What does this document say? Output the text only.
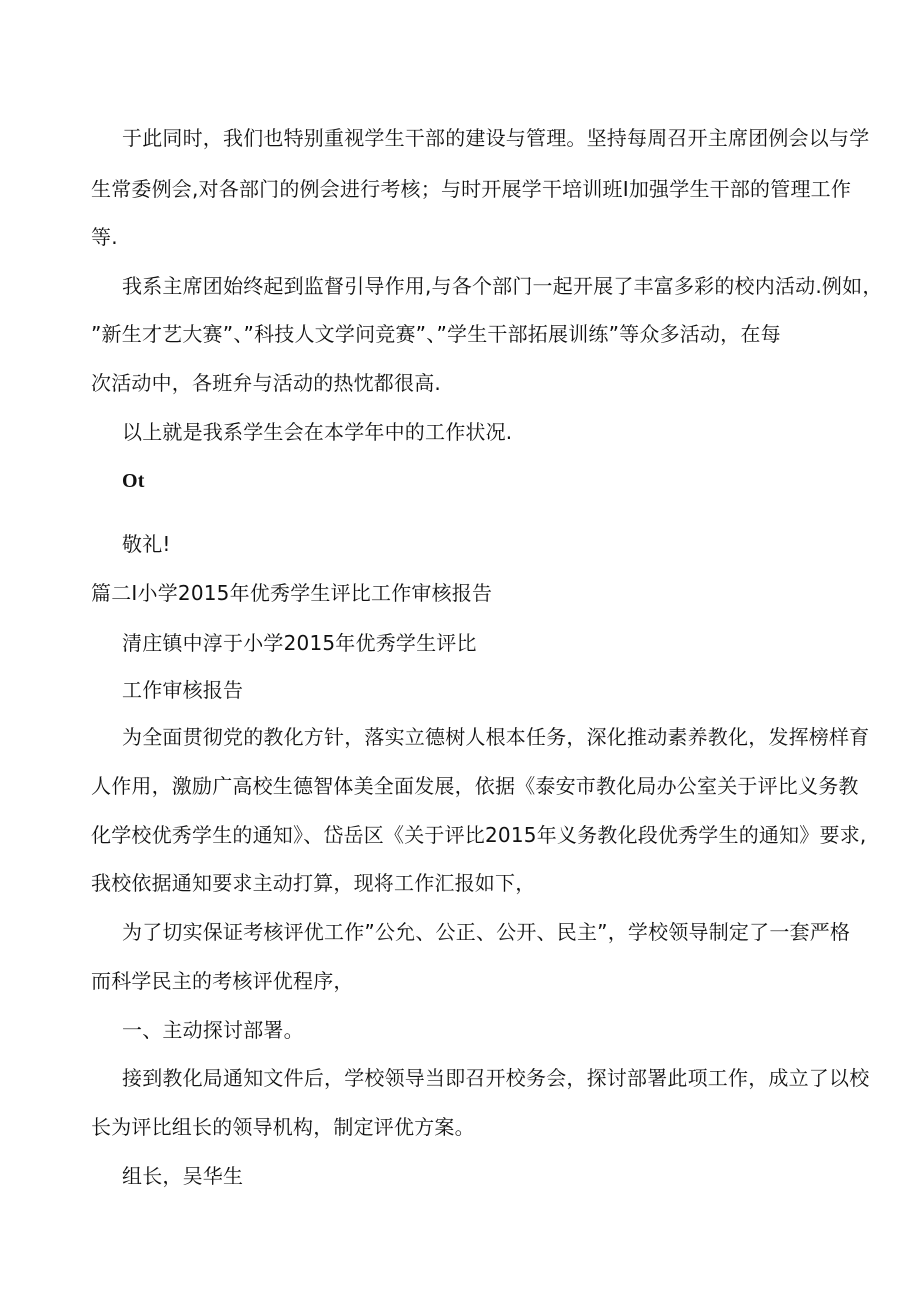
于此同时，我们也特别重视学生干部的建设与管理。坚持每周召开主席团例会以与学
生常委例会,对各部门的例会进行考核；与时开展学干培训班I加强学生干部的管理工作
等.
我系主席团始终起到监督引导作用,与各个部门一起开展了丰富多彩的校内活动.例如，
”新生才艺大赛”、”科技人文学问竞赛”、”学生干部拓展训练”等众多活动，在每
次活动中，各班弁与活动的热忱都很高.
以上就是我系学生会在本学年中的工作状况.
Ot
敬礼!
篇二I小学2015年优秀学生评比工作审核报告
清庄镇中淳于小学2015年优秀学生评比
工作审核报告
为全面贯彻党的教化方针，落实立德树人根本任务，深化推动素养教化，发挥榜样育
人作用，激励广高校生德智体美全面发展，依据《泰安市教化局办公室关于评比义务教
化学校优秀学生的通知》、岱岳区《关于评比2015年义务教化段优秀学生的通知》要求,
我校依据通知要求主动打算，现将工作汇报如下，
为了切实保证考核评优工作”公允、公正、公开、民主”，学校领导制定了一套严格
而科学民主的考核评优程序，
一、主动探讨部署。
接到教化局通知文件后，学校领导当即召开校务会，探讨部署此项工作，成立了以校
长为评比组长的领导机构，制定评优方案。
组长，吴华生
